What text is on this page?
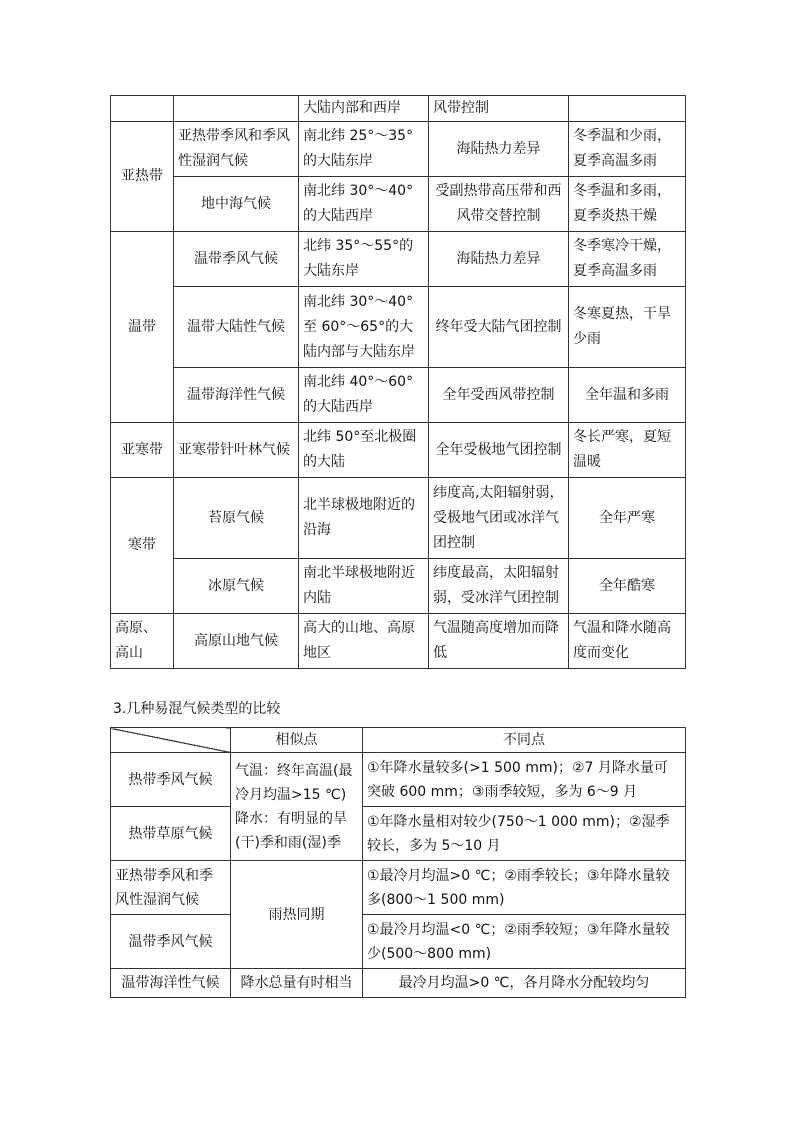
		大陆内部和西岸	风带控制	
亚热带	亚热带季风和季风性湿润气候	南北纬 25°～35°的大陆东岸	海陆热力差异	冬季温和少雨，夏季高温多雨
	地中海气候	南北纬 30°～40°的大陆西岸	受副热带高压带和西风带交替控制	冬季温和多雨，夏季炎热干燥
温带	温带季风气候	北纬 35°～55°的大陆东岸	海陆热力差异	冬季寒冷干燥，夏季高温多雨
	温带大陆性气候	南北纬 30°～40°至 60°～65°的大陆内部与大陆东岸	终年受大陆气团控制	冬寒夏热，干旱少雨
	温带海洋性气候	南北纬 40°～60°的大陆西岸	全年受西风带控制	全年温和多雨
亚寒带	亚寒带针叶林气候	北纬 50°至北极圈的大陆	全年受极地气团控制	冬长严寒，夏短温暖
寒带	苔原气候	北半球极地附近的沿海	纬度高,太阳辐射弱，受极地气团或冰洋气团控制	全年严寒
	冰原气候	南北半球极地附近内陆	纬度最高，太阳辐射弱，受冰洋气团控制	全年酷寒
高原、高山	高原山地气候	高大的山地、高原地区	气温随高度增加而降低	气温和降水随高度而变化
3.几种易混气候类型的比较
	相似点	不同点
热带季风气候	气温：终年高温(最冷月均温>15 ℃)降水：有明显的旱(干)季和雨(湿)季	①年降水量较多(>1 500 mm)；②7 月降水量可突破 600 mm；③雨季较短，多为 6～9 月
热带草原气候		①年降水量相对较少(750～1 000 mm)；②湿季较长，多为 5～10 月
亚热带季风和季风性湿润气候	雨热同期	①最冷月均温>0 ℃；②雨季较长；③年降水量较多(800～1 500 mm)
温带季风气候		①最冷月均温<0 ℃；②雨季较短；③年降水量较少(500～800 mm)
温带海洋性气候	降水总量有时相当	最冷月均温>0 ℃，各月降水分配较均匀
